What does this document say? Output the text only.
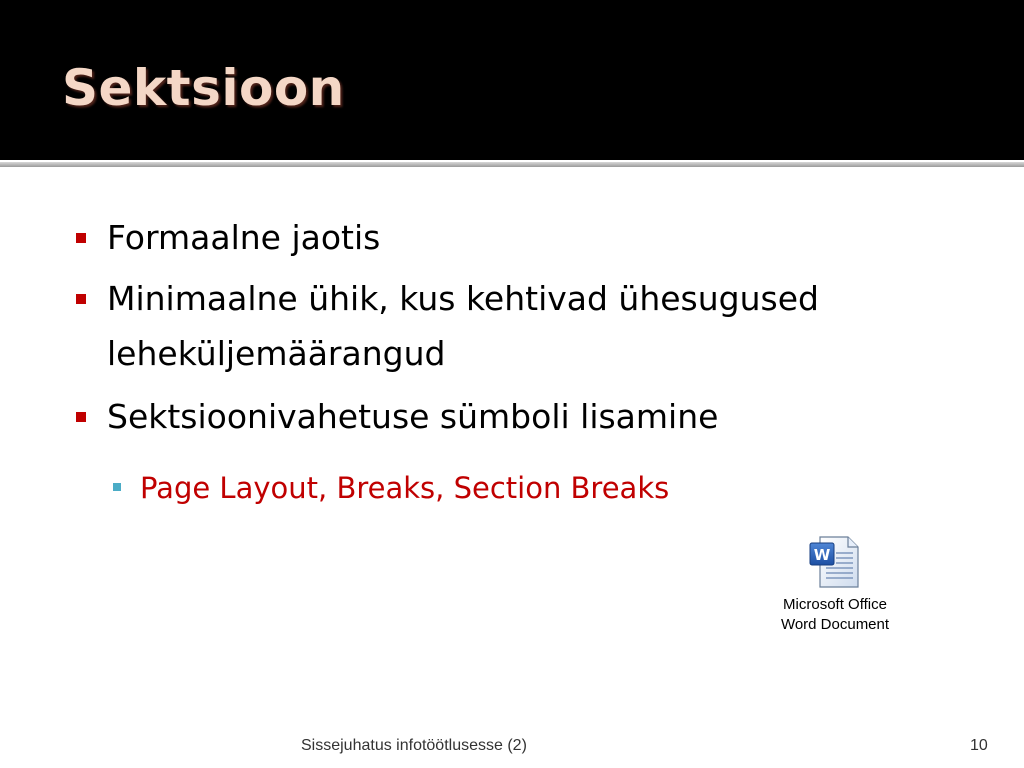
Sektsioon
Formaalne jaotis
Minimaalne ühik, kus kehtivad ühesugused
leheküljemäärangud
Sektsioonivahetuse sümboli lisamine
Page Layout, Breaks, Section Breaks
W
Microsoft Office
Word Document
Sissejuhatus infotöötlusesse (2)	10
